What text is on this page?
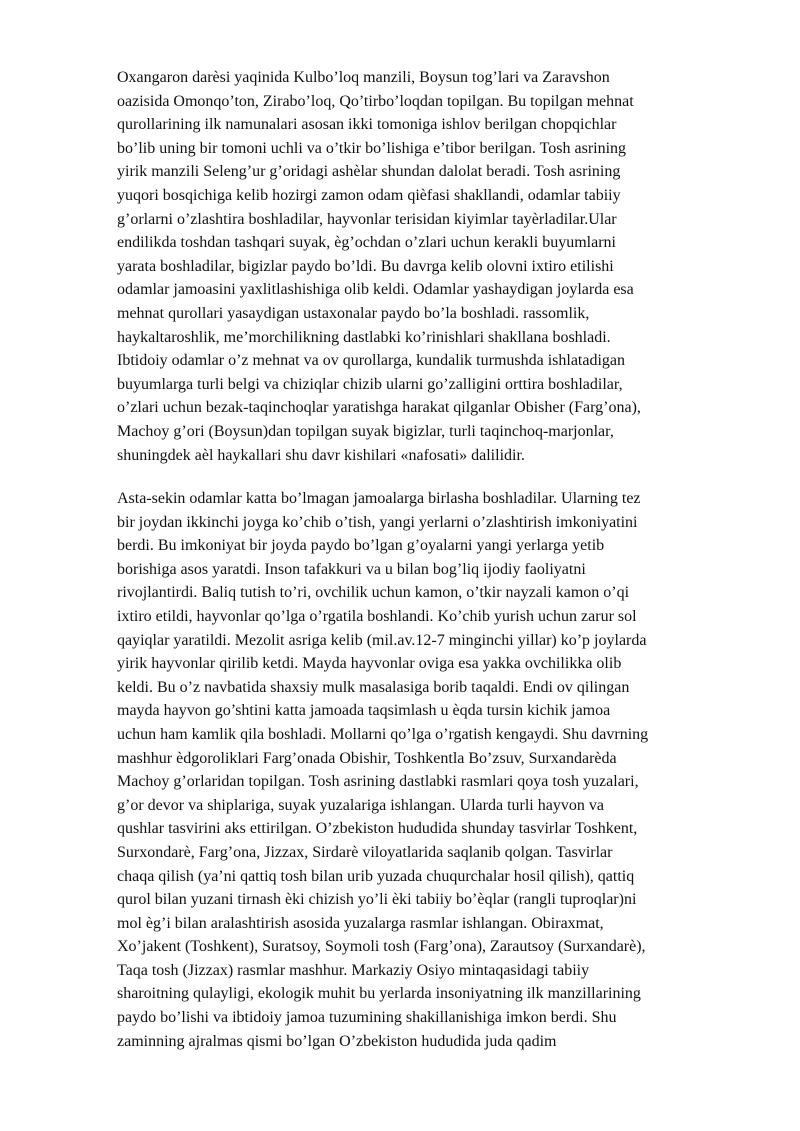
Oxangaron darèsi yaqinida Kulbo’loq manzili, Boysun tog’lari va Zaravshon
oazisida Omonqo’ton, Zirabo’loq, Qo’tirbo’loqdan topilgan. Bu topilgan mehnat
qurollarining ilk namunalari asosan ikki tomoniga ishlov berilgan chopqichlar
bo’lib uning bir tomoni uchli va o’tkir bo’lishiga e’tibor berilgan. Tosh asrining
yirik manzili Seleng’ur g’oridagi ashèlar shundan dalolat beradi. Tosh asrining
yuqori bosqichiga kelib hozirgi zamon odam qièfasi shakllandi, odamlar tabiiy
g’orlarni o’zlashtira boshladilar, hayvonlar terisidan kiyimlar tayèrladilar.Ular
endilikda toshdan tashqari suyak, èg’ochdan o’zlari uchun kerakli buyumlarni
yarata boshladilar, bigizlar paydo bo’ldi. Bu davrga kelib olovni ixtiro etilishi
odamlar jamoasini yaxlitlashishiga olib keldi. Odamlar yashaydigan joylarda esa
mehnat qurollari yasaydigan ustaxonalar paydo bo’la boshladi. rassomlik,
haykaltaroshlik, me’morchilikning dastlabki ko’rinishlari shakllana boshladi.
Ibtidoiy odamlar o’z mehnat va ov qurollarga, kundalik turmushda ishlatadigan
buyumlarga turli belgi va chiziqlar chizib ularni go’zalligini orttira boshladilar,
o’zlari uchun bezak-taqinchoqlar yaratishga harakat qilganlar Obisher (Farg’ona),
Machoy g’ori (Boysun)dan topilgan suyak bigizlar, turli taqinchoq-marjonlar,
shuningdek aèl haykallari shu davr kishilari «nafosati» dalilidir.
Asta-sekin odamlar katta bo’lmagan jamoalarga birlasha boshladilar. Ularning tez
bir joydan ikkinchi joyga ko’chib o’tish, yangi yerlarni o’zlashtirish imkoniyatini
berdi. Bu imkoniyat bir joyda paydo bo’lgan g’oyalarni yangi yerlarga yetib
borishiga asos yaratdi. Inson tafakkuri va u bilan bog’liq ijodiy faoliyatni
rivojlantirdi. Baliq tutish to’ri, ovchilik uchun kamon, o’tkir nayzali kamon o’qi
ixtiro etildi, hayvonlar qo’lga o’rgatila boshlandi. Ko’chib yurish uchun zarur sol
qayiqlar yaratildi. Mezolit asriga kelib (mil.av.12-7 minginchi yillar) ko’p joylarda
yirik hayvonlar qirilib ketdi. Mayda hayvonlar oviga esa yakka ovchilikka olib
keldi. Bu o’z navbatida shaxsiy mulk masalasiga borib taqaldi. Endi ov qilingan
mayda hayvon go’shtini katta jamoada taqsimlash u èqda tursin kichik jamoa
uchun ham kamlik qila boshladi. Mollarni qo’lga o’rgatish kengaydi. Shu davrning
mashhur èdgoroliklari Farg’onada Obishir, Toshkentla Bo’zsuv, Surxandarèda
Machoy g’orlaridan topilgan. Tosh asrining dastlabki rasmlari qoya tosh yuzalari,
g’or devor va shiplariga, suyak yuzalariga ishlangan. Ularda turli hayvon va
qushlar tasvirini aks ettirilgan. O’zbekiston hududida shunday tasvirlar Toshkent,
Surxondarè, Farg’ona, Jizzax, Sirdarè viloyatlarida saqlanib qolgan. Tasvirlar
chaqa qilish (ya’ni qattiq tosh bilan urib yuzada chuqurchalar hosil qilish), qattiq
qurol bilan yuzani tirnash èki chizish yo’li èki tabiiy bo’èqlar (rangli tuproqlar)ni
mol èg’i bilan aralashtirish asosida yuzalarga rasmlar ishlangan. Obiraxmat,
Xo’jakent (Toshkent), Suratsoy, Soymoli tosh (Farg’ona), Zarautsoy (Surxandarè),
Taqa tosh (Jizzax) rasmlar mashhur. Markaziy Osiyo mintaqasidagi tabiiy
sharoitning qulayligi, ekologik muhit bu yerlarda insoniyatning ilk manzillarining
paydo bo’lishi va ibtidoiy jamoa tuzumining shakillanishiga imkon berdi. Shu
zaminning ajralmas qismi bo’lgan O’zbekiston hududida juda qadim
